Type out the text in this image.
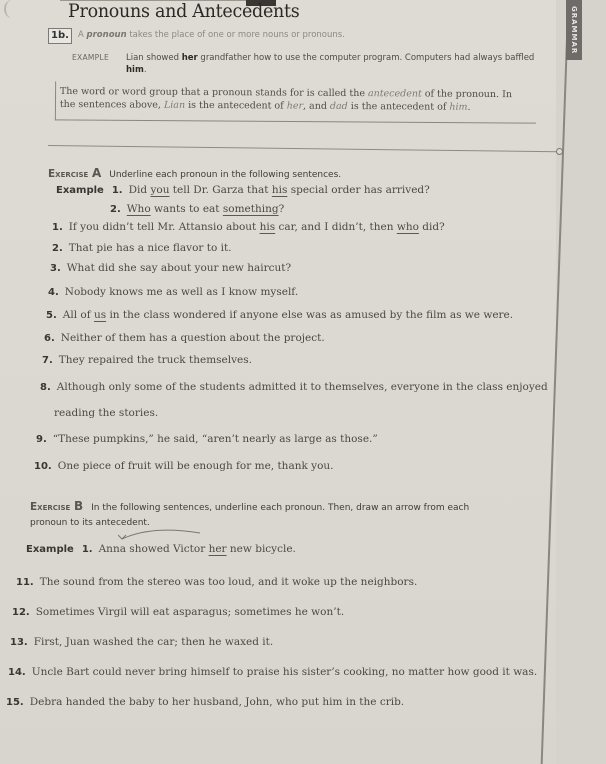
GRAMMAR
Pronouns and Antecedents
1b.	A pronoun takes the place of one or more nouns or pronouns.
EXAMPLE Lian showed her grandfather how to use the computer program. Computers had always baffled him.
The word or word group that a pronoun stands for is called the antecedent of the pronoun. In
the sentences above, Lian is the antecedent of her, and dad is the antecedent of him.
Exercise A Underline each pronoun in the following sentences.
Example 1. Did you tell Dr. Garza that his special order has arrived?
2. Who wants to eat something?
1. If you didn’t tell Mr. Attansio about his car, and I didn’t, then who did?
2. That pie has a nice flavor to it.
3. What did she say about your new haircut?
4. Nobody knows me as well as I know myself.
5. All of us in the class wondered if anyone else was as amused by the film as we were.
6. Neither of them has a question about the project.
7. They repaired the truck themselves.
8. Although only some of the students admitted it to themselves, everyone in the class enjoyed
reading the stories.
9. “These pumpkins,” he said, “aren’t nearly as large as those.”
10. One piece of fruit will be enough for me, thank you.
Exercise B In the following sentences, underline each pronoun. Then, draw an arrow from each
pronoun to its antecedent.
Example 1. Anna showed Victor her new bicycle.
11. The sound from the stereo was too loud, and it woke up the neighbors.
12. Sometimes Virgil will eat asparagus; sometimes he won’t.
13. First, Juan washed the car; then he waxed it.
14. Uncle Bart could never bring himself to praise his sister’s cooking, no matter how good it was.
15. Debra handed the baby to her husband, John, who put him in the crib.
